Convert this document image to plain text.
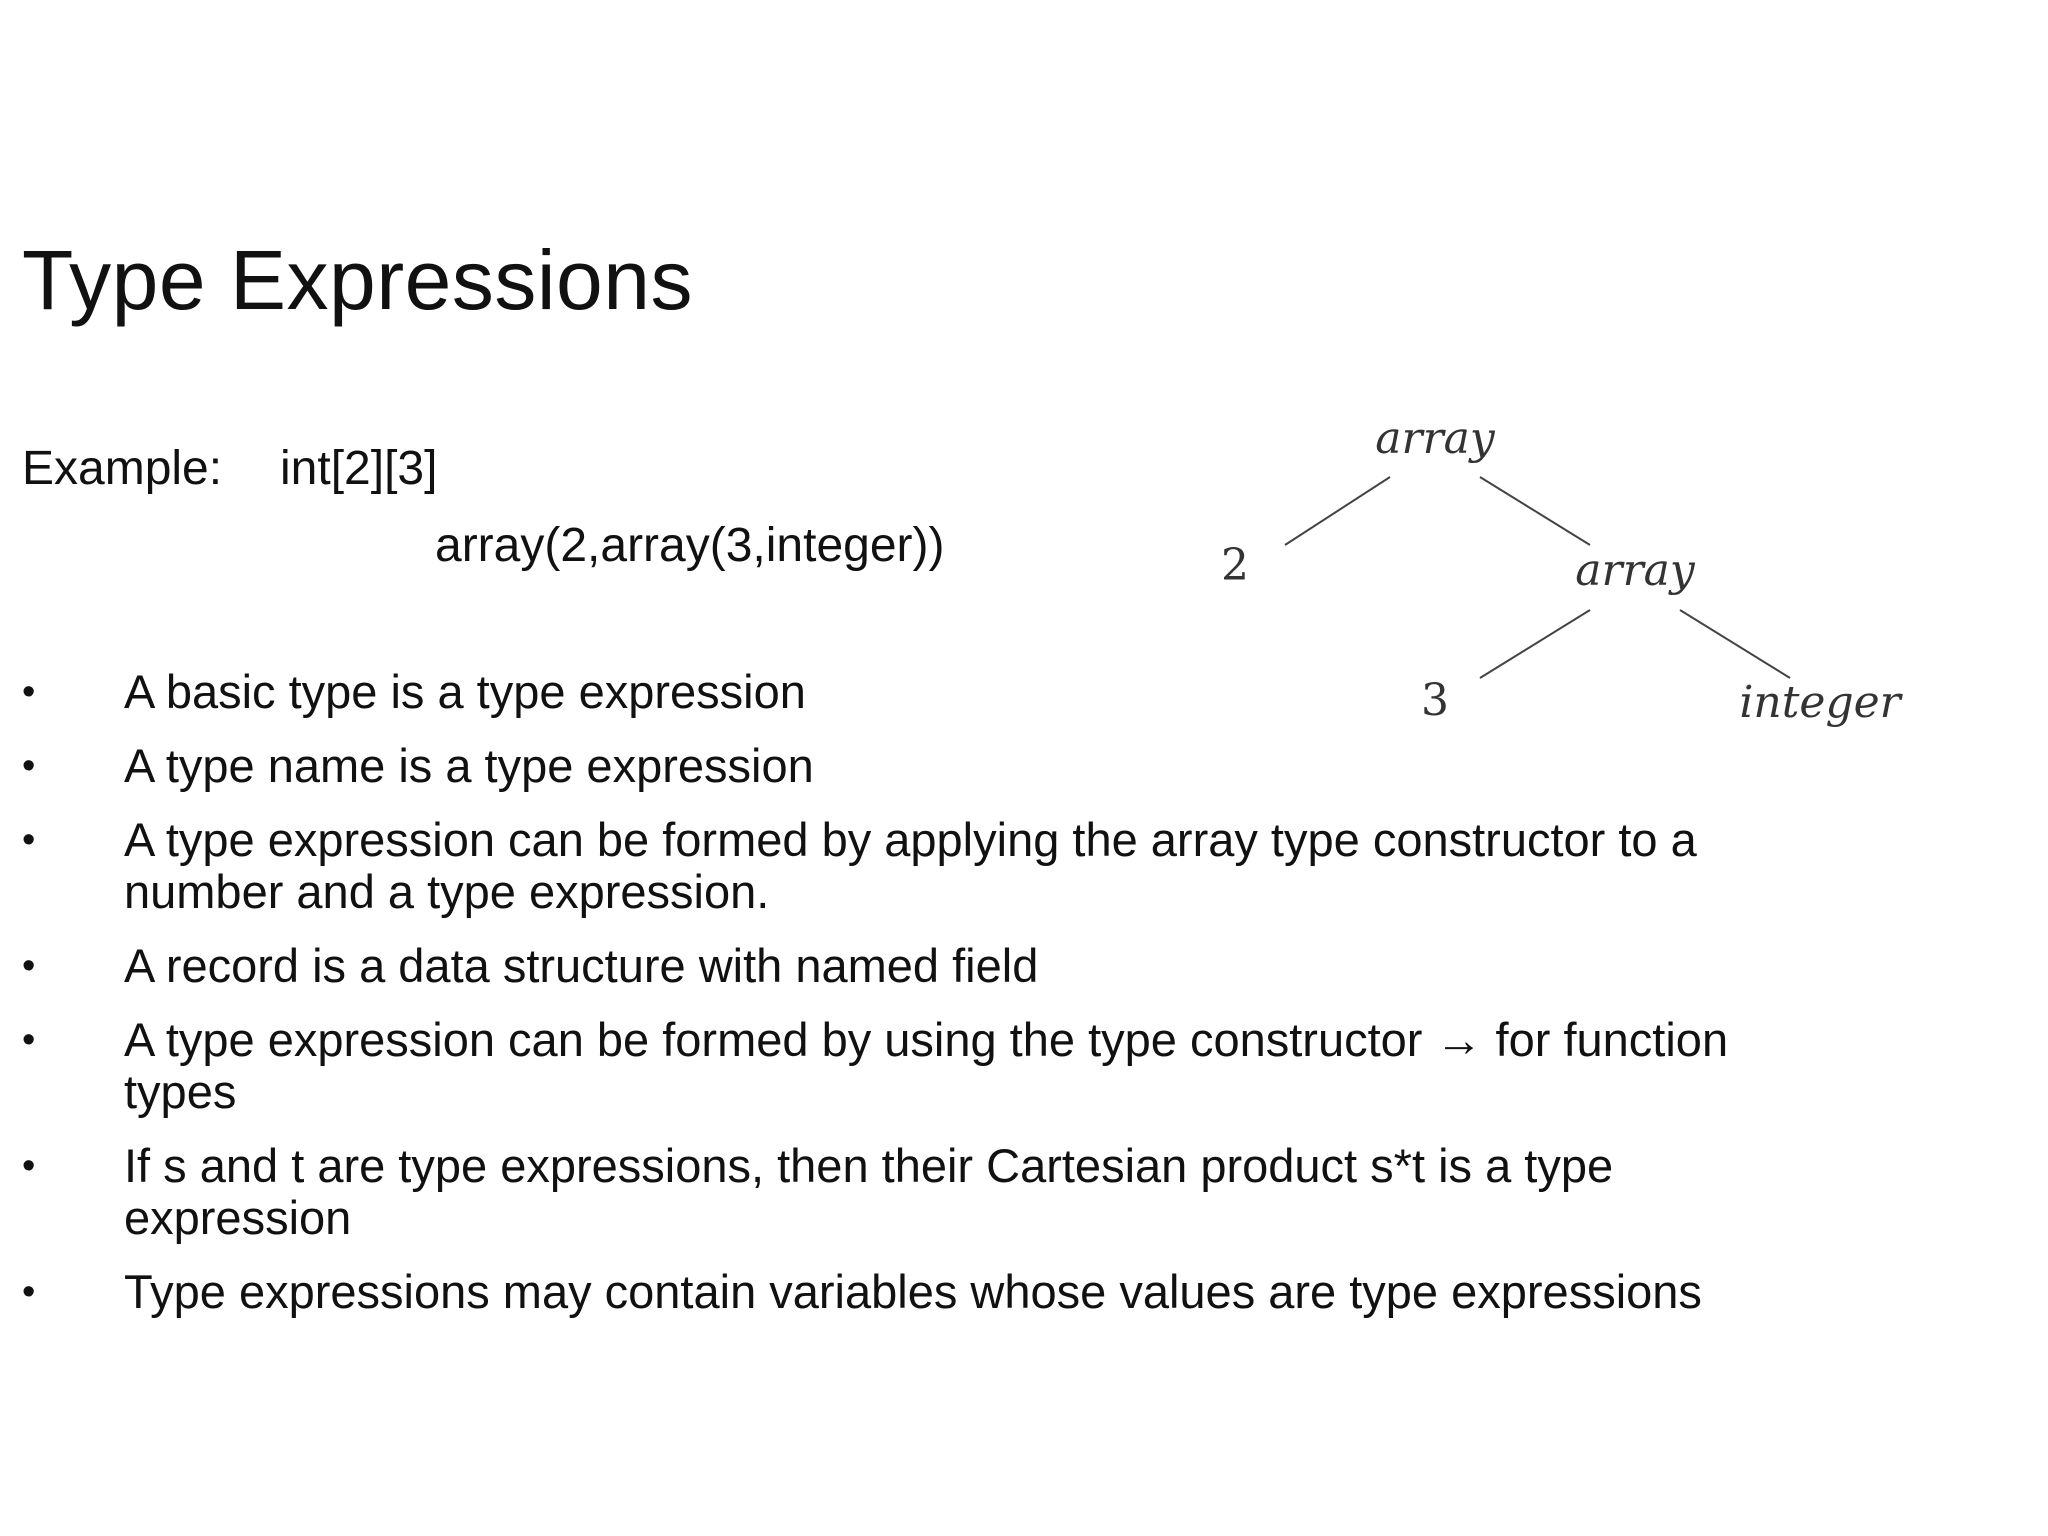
Type Expressions
Example: int[2][3]
array(2,array(3,integer))
array
2	array
3	integer
•	A basic type is a type expression
•	A type name is a type expression
•	A type expression can be formed by applying the array type constructor to a number and a type expression.
•	A record is a data structure with named field
•	A type expression can be formed by using the type constructor → for function types
•	If s and t are type expressions, then their Cartesian product s*t is a type expression
•	Type expressions may contain variables whose values are type expressions
